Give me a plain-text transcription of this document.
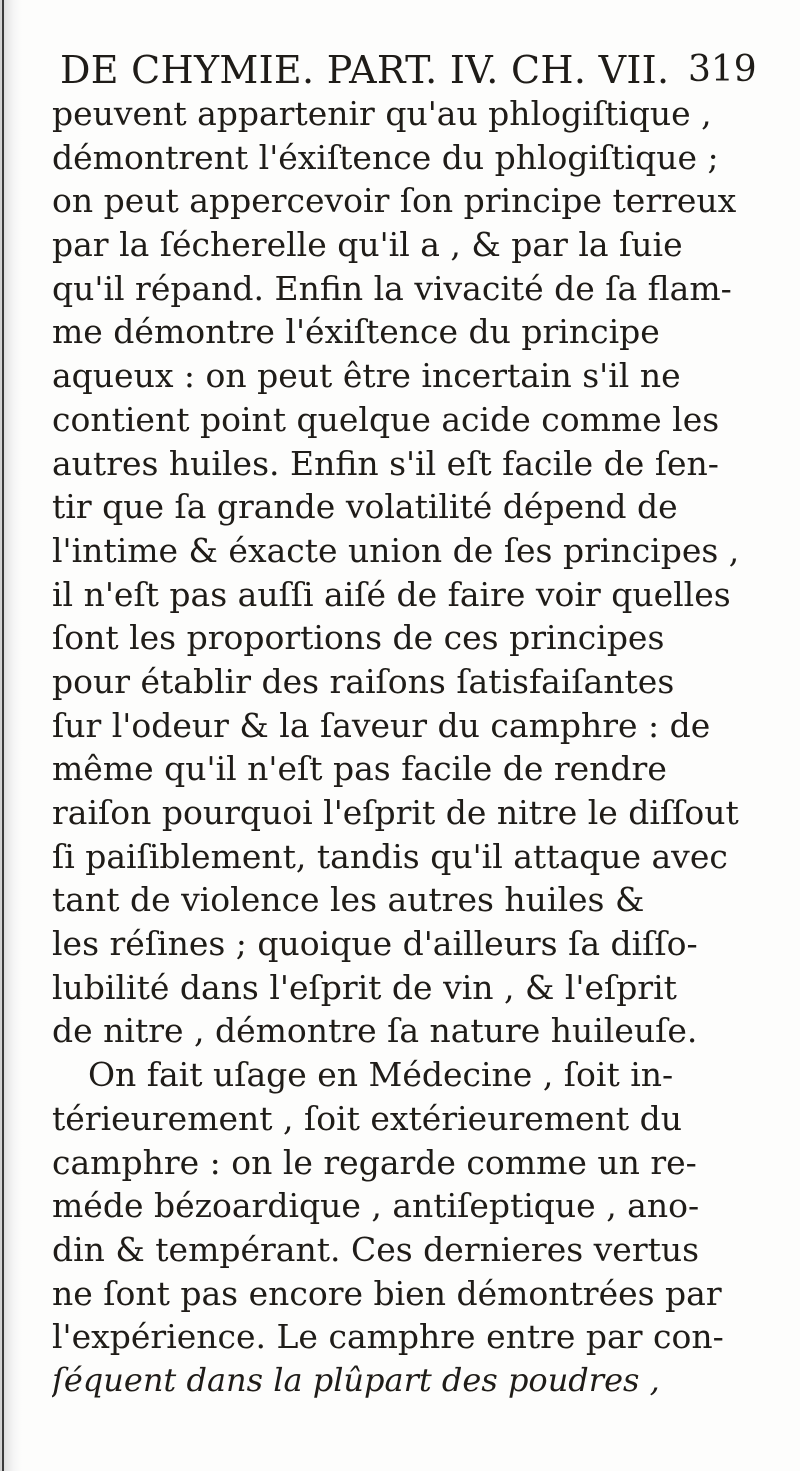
DE CHYMIE. PART. IV. CH. VII. 319
peuvent appartenir qu'au phlogiſtique ,
démontrent l'éxiſtence du phlogiſtique ;
on peut appercevoir ſon principe terreux
par la ſécherelle qu'il a , & par la ſuie
qu'il répand. Enfin la vivacité de ſa flam-
me démontre l'éxiſtence du principe
aqueux : on peut être incertain s'il ne
contient point quelque acide comme les
autres huiles. Enfin s'il eſt facile de ſen-
tir que ſa grande volatilité dépend de
l'intime & éxacte union de ſes principes ,
il n'eſt pas auſſi aiſé de faire voir quelles
ſont les proportions de ces principes
pour établir des raiſons ſatisfaiſantes
ſur l'odeur & la ſaveur du camphre : de
même qu'il n'eſt pas facile de rendre
raiſon pourquoi l'eſprit de nitre le diſſout
ſi paiſiblement, tandis qu'il attaque avec
tant de violence les autres huiles &
les réſines ; quoique d'ailleurs ſa diſſo-
lubilité dans l'eſprit de vin , & l'eſprit
de nitre , démontre ſa nature huileuſe.
On fait uſage en Médecine , ſoit in-
térieurement , ſoit extérieurement du
camphre : on le regarde comme un re-
méde bézoardique , antiſeptique , ano-
din & tempérant. Ces dernieres vertus
ne ſont pas encore bien démontrées par
l'expérience. Le camphre entre par con-
ſéquent dans la plûpart des poudres ,
